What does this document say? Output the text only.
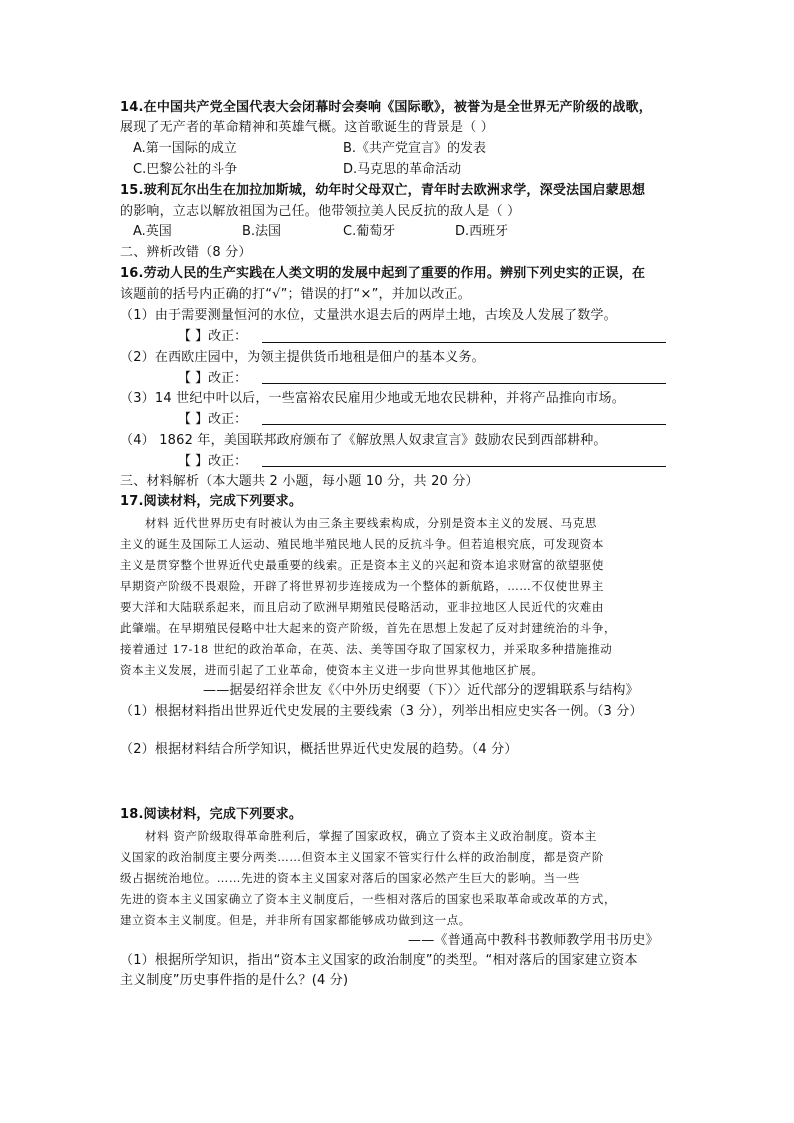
14.在中国共产党全国代表大会闭幕时会奏响《国际歌》，被誉为是全世界无产阶级的战歌，
展现了无产者的革命精神和英雄气概。这首歌诞生的背景是（ ）
A.第一国际的成立	B.《共产党宣言》的发表
C.巴黎公社的斗争	D.马克思的革命活动
15.玻利瓦尔出生在加拉加斯城，幼年时父母双亡，青年时去欧洲求学，深受法国启蒙思想
的影响，立志以解放祖国为己任。他带领拉美人民反抗的敌人是（ ）
A.英国	B.法国	C.葡萄牙	D.西班牙
二、辨析改错（8 分）
16.劳动人民的生产实践在人类文明的发展中起到了重要的作用。辨别下列史实的正误，在
该题前的括号内正确的打“√”；错误的打“×”，并加以改正。
（1）由于需要测量恒河的水位，丈量洪水退去后的两岸土地，古埃及人发展了数学。
【 】改正：
（2）在西欧庄园中，为领主提供货币地租是佃户的基本义务。
【 】改正：
（3）14 世纪中叶以后，一些富裕农民雇用少地或无地农民耕种，并将产品推向市场。
【 】改正：
（4） 1862 年，美国联邦政府颁布了《解放黑人奴隶宣言》鼓励农民到西部耕种。
【 】改正：
三、材料解析（本大题共 2 小题，每小题 10 分，共 20 分）
17.阅读材料，完成下列要求。
材料 近代世界历史有时被认为由三条主要线索构成，分别是资本主义的发展、马克思
主义的诞生及国际工人运动、殖民地半殖民地人民的反抗斗争。但若追根究底，可发现资本
主义是贯穿整个世界近代史最重要的线索。正是资本主义的兴起和资本追求财富的欲望驱使
早期资产阶级不畏艰险，开辟了将世界初步连接成为一个整体的新航路，……不仅使世界主
要大洋和大陆联系起来，而且启动了欧洲早期殖民侵略活动，亚非拉地区人民近代的灾难由
此肇端。在早期殖民侵略中壮大起来的资产阶级，首先在思想上发起了反对封建统治的斗争，
接着通过 17-18 世纪的政治革命，在英、法、美等国夺取了国家权力，并采取多种措施推动
资本主义发展，进而引起了工业革命，使资本主义进一步向世界其他地区扩展。
——据晏绍祥余世友《〈中外历史纲要（下）〉近代部分的逻辑联系与结构》
（1）根据材料指出世界近代史发展的主要线索（3 分），列举出相应史实各一例。（3 分）
（2）根据材料结合所学知识，概括世界近代史发展的趋势。（4 分）
18.阅读材料，完成下列要求。
材料 资产阶级取得革命胜利后，掌握了国家政权，确立了资本主义政治制度。资本主
义国家的政治制度主要分两类……但资本主义国家不管实行什么样的政治制度，都是资产阶
级占据统治地位。……先进的资本主义国家对落后的国家必然产生巨大的影响。当一些
先进的资本主义国家确立了资本主义制度后，一些相对落后的国家也采取革命或改革的方式，
建立资本主义制度。但是，并非所有国家都能够成功做到这一点。
——《普通高中教科书教师教学用书历史》
（1）根据所学知识，指出“资本主义国家的政治制度”的类型。“相对落后的国家建立资本
主义制度”历史事件指的是什么？(4 分)
